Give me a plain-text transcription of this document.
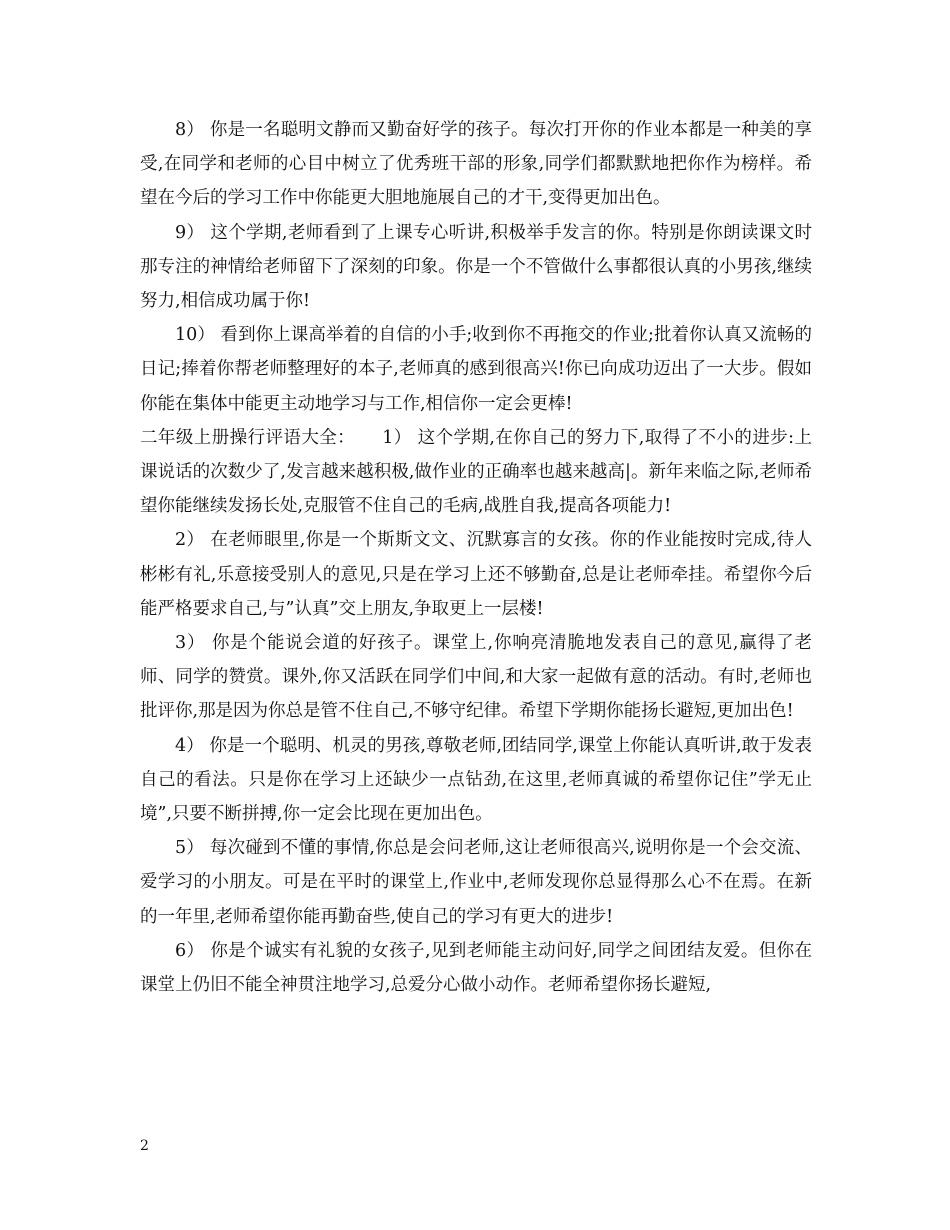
8） 你是一名聪明文静而又勤奋好学的孩子。每次打开你的作业本都是一种美的享受,在同学和老师的心目中树立了优秀班干部的形象,同学们都默默地把你作为榜样。希望在今后的学习工作中你能更大胆地施展自己的才干,变得更加出色。

9） 这个学期,老师看到了上课专心听讲,积极举手发言的你。特别是你朗读课文时那专注的神情给老师留下了深刻的印象。你是一个不管做什么事都很认真的小男孩,继续努力,相信成功属于你!

10） 看到你上课高举着的自信的小手;收到你不再拖交的作业;批着你认真又流畅的日记;捧着你帮老师整理好的本子,老师真的感到很高兴!你已向成功迈出了一大步。假如你能在集体中能更主动地学习与工作,相信你一定会更棒!

二年级上册操行评语大全：　　1） 这个学期,在你自己的努力下,取得了不小的进步:上课说话的次数少了,发言越来越积极,做作业的正确率也越来越高|。新年来临之际,老师希望你能继续发扬长处,克服管不住自己的毛病,战胜自我,提高各项能力!

2） 在老师眼里,你是一个斯斯文文、沉默寡言的女孩。你的作业能按时完成,待人彬彬有礼,乐意接受别人的意见,只是在学习上还不够勤奋,总是让老师牵挂。希望你今后能严格要求自己,与”认真”交上朋友,争取更上一层楼!

3） 你是个能说会道的好孩子。课堂上,你响亮清脆地发表自己的意见,赢得了老师、同学的赞赏。课外,你又活跃在同学们中间,和大家一起做有意的活动。有时,老师也批评你,那是因为你总是管不住自己,不够守纪律。希望下学期你能扬长避短,更加出色!

4） 你是一个聪明、机灵的男孩,尊敬老师,团结同学,课堂上你能认真听讲,敢于发表自己的看法。只是你在学习上还缺少一点钻劲,在这里,老师真诚的希望你记住”学无止境”,只要不断拼搏,你一定会比现在更加出色。

5） 每次碰到不懂的事情,你总是会问老师,这让老师很高兴,说明你是一个会交流、爱学习的小朋友。可是在平时的课堂上,作业中,老师发现你总显得那么心不在焉。在新的一年里,老师希望你能再勤奋些,使自己的学习有更大的进步!

6） 你是个诚实有礼貌的女孩子,见到老师能主动问好,同学之间团结友爱。但你在课堂上仍旧不能全神贯注地学习,总爱分心做小动作。老师希望你扬长避短,

2
